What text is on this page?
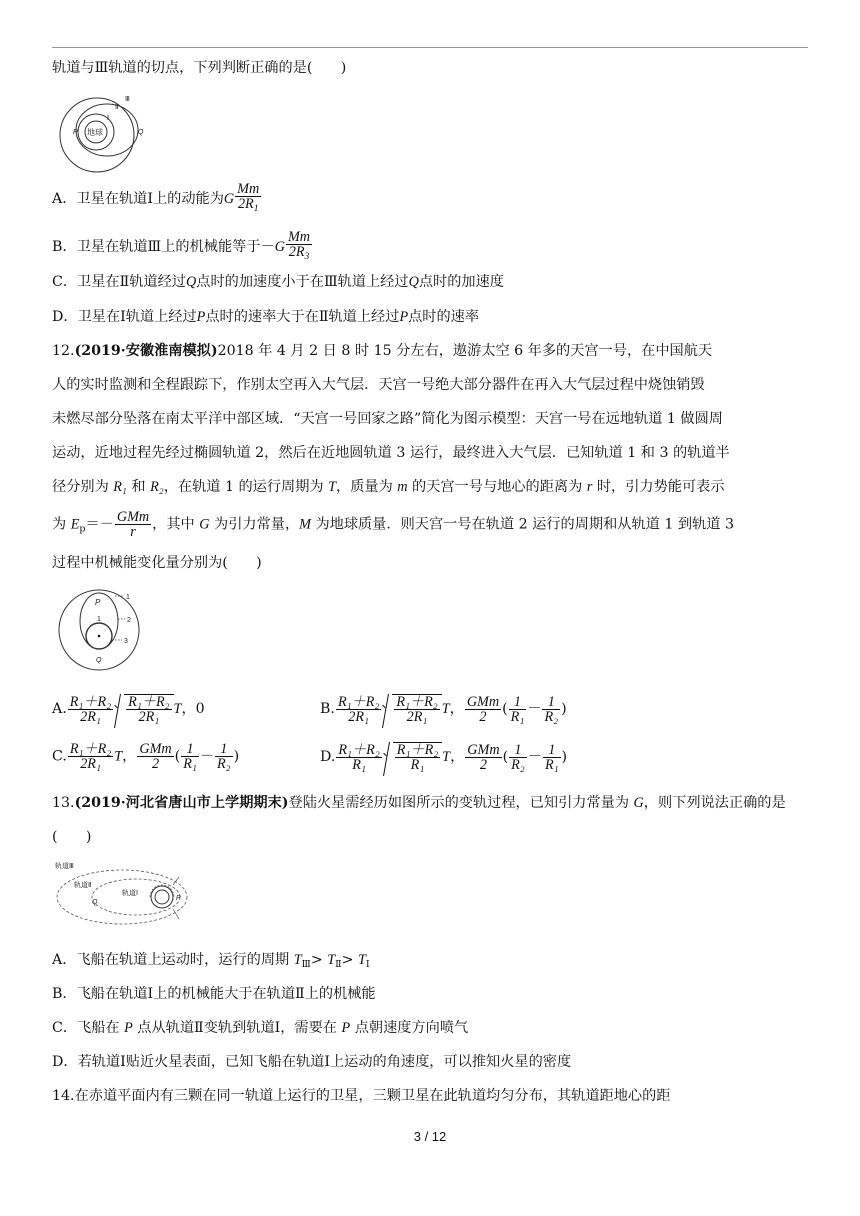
轨道与Ⅲ轨道的切点，下列判断正确的是(　　)
地球
P	Q
Ⅰ
Ⅱ
Ⅲ
A．卫星在轨道Ⅰ上的动能为G $\frac{Mm}{2R_1}$
B．卫星在轨道Ⅲ上的机械能等于$-G \frac{Mm}{2R_3}$
C．卫星在Ⅱ轨道经过Q点时的加速度小于在Ⅲ轨道上经过Q点时的加速度
D．卫星在Ⅰ轨道上经过P点时的速率大于在Ⅱ轨道上经过P点时的速率
12.(2019·安徽淮南模拟)2018 年 4 月 2 日 8 时 15 分左右，遨游太空 6 年多的天宫一号，在中国航天
人的实时监测和全程跟踪下，作别太空再入大气层．天宫一号绝大部分器件在再入大气层过程中烧蚀销毁
未燃尽部分坠落在南太平洋中部区域．“天宫一号回家之路”简化为图示模型：天宫一号在远地轨道 1 做圆周
运动，近地过程先经过椭圆轨道 2，然后在近地圆轨道 3 运行，最终进入大气层．已知轨道 1 和 3 的轨道半
径分别为 R₁ 和 R₂，在轨道 1 的运行周期为 T，质量为 m 的天宫一号与地心的距离为 r 时，引力势能可表示
为 $E_p=- \frac{\text{GMm}}{r}$ ，其中 G 为引力常量，M 为地球质量．则天宫一号在轨道 2 运行的周期和从轨道 1 到轨道 3
过程中机械能变化量分别为(　　)
P
1
Q
1
2
3
A. $\frac{\text{R₁＋R₂}}{\text{2R₁}} \frac{\text{R₁＋R₂}}{\text{2R₁}}$ T，0	B. $\frac{\text{R₁＋R₂}}{\text{2R₁}} \frac{\text{R₁＋R₂}}{\text{2R₁}}$ T， $\frac{\text{GMm}}{2}$ ( $\frac{1}{\text{R₁}} - \frac{1}{\text{R₂}}$ )
C. $\frac{\text{R₁＋R₂}}{\text{2R₁}}$ T， $\frac{\text{GMm}}{2}$ ( $\frac{1}{\text{R₁}} - \frac{1}{\text{R₂}}$ )	D. $\frac{\text{R₁＋R₂}}{\text{R₁}} \frac{\text{R₁＋R₂}}{\text{R₁}}$ T， $\frac{\text{GMm}}{2}$ ( $\frac{1}{\text{R₂}} - \frac{1}{\text{R₁}}$ )
13.(2019·河北省唐山市上学期期末)登陆火星需经历如图所示的变轨过程，已知引力常量为 G，则下列说法正确的是
(　　)
轨道Ⅲ
轨道Ⅱ
轨道Ⅰ
Q
P
A．飞船在轨道上运动时，运行的周期 $T_Ⅲ> T_Ⅱ> T_Ⅰ$
B．飞船在轨道Ⅰ上的机械能大于在轨道Ⅱ上的机械能
C．飞船在 P 点从轨道Ⅱ变轨到轨道Ⅰ，需要在 P 点朝速度方向喷气
D．若轨道Ⅰ贴近火星表面，已知飞船在轨道Ⅰ上运动的角速度，可以推知火星的密度
14.在赤道平面内有三颗在同一轨道上运行的卫星，三颗卫星在此轨道均匀分布，其轨道距地心的距
3 / 12
